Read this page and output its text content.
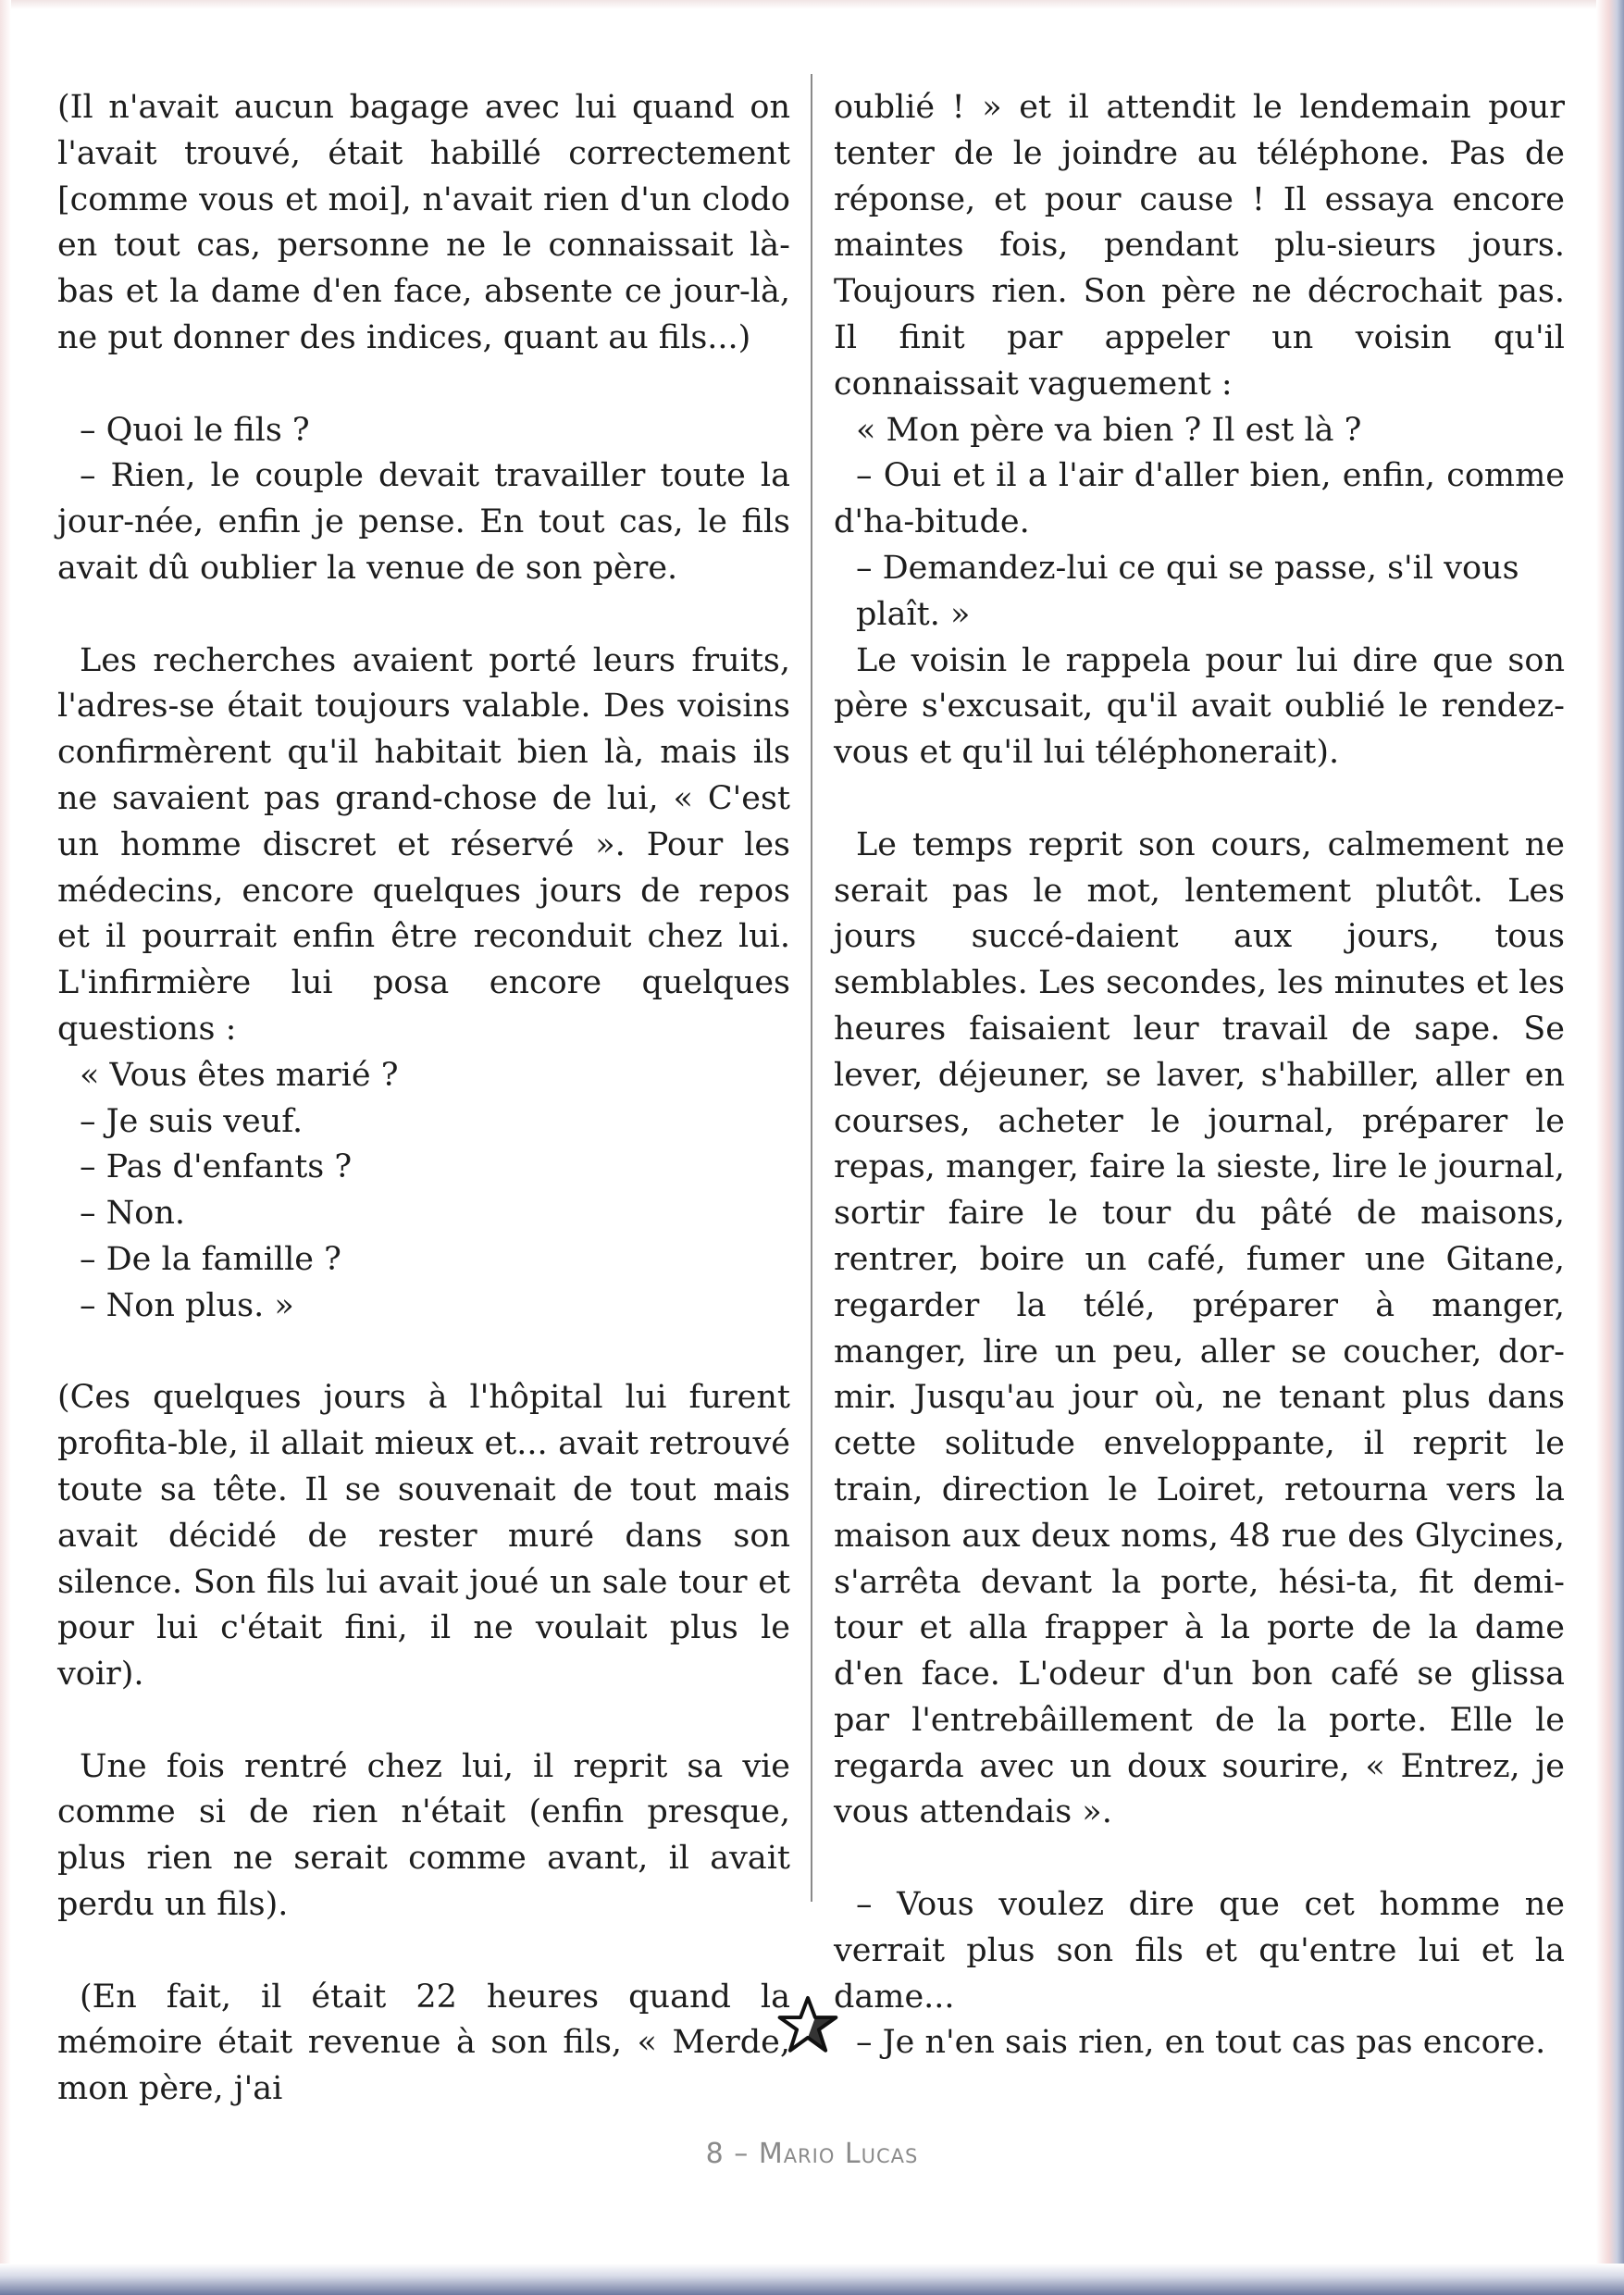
(Il n'avait aucun bagage avec lui quand on l'avait trouvé, était habillé correctement [comme vous et moi], n'avait rien d'un clodo en tout cas, personne ne le connaissait là-bas et la dame d'en face, absente ce jour-là, ne put donner des indices, quant au fils...)

– Quoi le fils ?

– Rien, le couple devait travailler toute la jour-née, enfin je pense. En tout cas, le fils avait dû oublier la venue de son père.

Les recherches avaient porté leurs fruits, l'adres-se était toujours valable. Des voisins confirmèrent qu'il habitait bien là, mais ils ne savaient pas grand-chose de lui, « C'est un homme discret et réservé ». Pour les médecins, encore quelques jours de repos et il pourrait enfin être reconduit chez lui. L'infirmière lui posa encore quelques questions :

« Vous êtes marié ?

– Je suis veuf.

– Pas d'enfants ?

– Non.

– De la famille ?

– Non plus. »

(Ces quelques jours à l'hôpital lui furent profita-ble, il allait mieux et... avait retrouvé toute sa tête. Il se souvenait de tout mais avait décidé de rester muré dans son silence. Son fils lui avait joué un sale tour et pour lui c'était fini, il ne voulait plus le voir).

Une fois rentré chez lui, il reprit sa vie comme si de rien n'était (enfin presque, plus rien ne serait comme avant, il avait perdu un fils).

(En fait, il était 22 heures quand la mémoire était revenue à son fils, « Merde, mon père, j'ai

oublié ! » et il attendit le lendemain pour tenter de le joindre au téléphone. Pas de réponse, et pour cause ! Il essaya encore maintes fois, pendant plu-sieurs jours. Toujours rien. Son père ne décrochait pas. Il finit par appeler un voisin qu'il connaissait vaguement :

« Mon père va bien ? Il est là ?

– Oui et il a l'air d'aller bien, enfin, comme d'ha-bitude.

– Demandez-lui ce qui se passe, s'il vous plaît. »

Le voisin le rappela pour lui dire que son père s'excusait, qu'il avait oublié le rendez-vous et qu'il lui téléphonerait).

Le temps reprit son cours, calmement ne serait pas le mot, lentement plutôt. Les jours succé-daient aux jours, tous semblables. Les secondes, les minutes et les heures faisaient leur travail de sape. Se lever, déjeuner, se laver, s'habiller, aller en courses, acheter le journal, préparer le repas, manger, faire la sieste, lire le journal, sortir faire le tour du pâté de maisons, rentrer, boire un café, fumer une Gitane, regarder la télé, préparer à manger, manger, lire un peu, aller se coucher, dor-mir. Jusqu'au jour où, ne tenant plus dans cette solitude enveloppante, il reprit le train, direction le Loiret, retourna vers la maison aux deux noms, 48 rue des Glycines, s'arrêta devant la porte, hési-ta, fit demi-tour et alla frapper à la porte de la dame d'en face. L'odeur d'un bon café se glissa par l'entrebâillement de la porte. Elle le regarda avec un doux sourire, « Entrez, je vous attendais ».

– Vous voulez dire que cet homme ne verrait plus son fils et qu'entre lui et la dame...

– Je n'en sais rien, en tout cas pas encore.

8 – Mario Lucas
